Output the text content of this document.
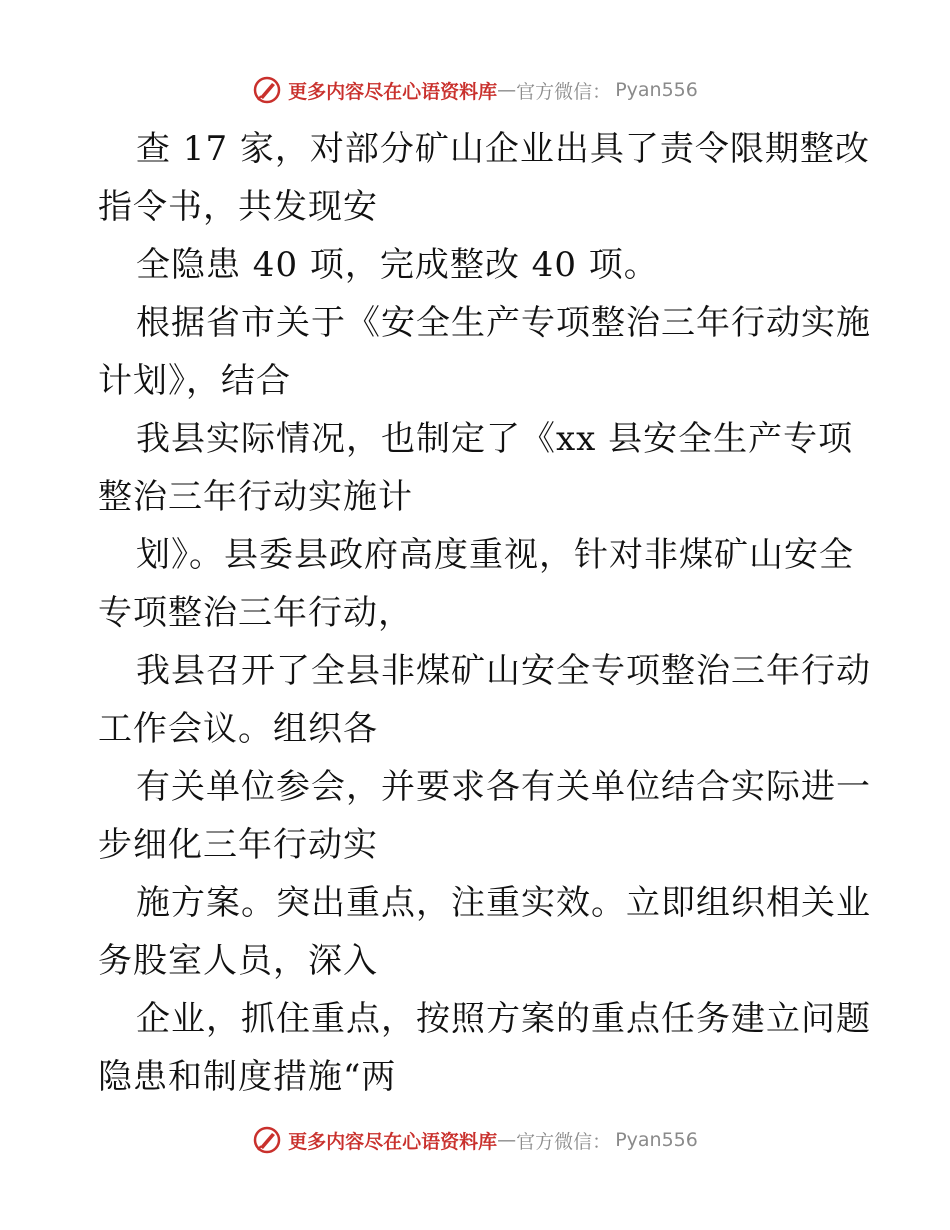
更多内容尽在心语资料库 — 官方微信： Pyan556
查 17 家，对部分矿山企业出具了责令限期整改
指令书，共发现安
全隐患 40 项，完成整改 40 项。
根据省市关于《安全生产专项整治三年行动实施
计划》，结合
我县实际情况，也制定了《xx 县安全生产专项
整治三年行动实施计
划》。县委县政府高度重视，针对非煤矿山安全
专项整治三年行动，
我县召开了全县非煤矿山安全专项整治三年行动
工作会议。组织各
有关单位参会，并要求各有关单位结合实际进一
步细化三年行动实
施方案。突出重点，注重实效。立即组织相关业
务股室人员，深入
企业，抓住重点，按照方案的重点任务建立问题
隐患和制度措施“两
更多内容尽在心语资料库 — 官方微信： Pyan556
